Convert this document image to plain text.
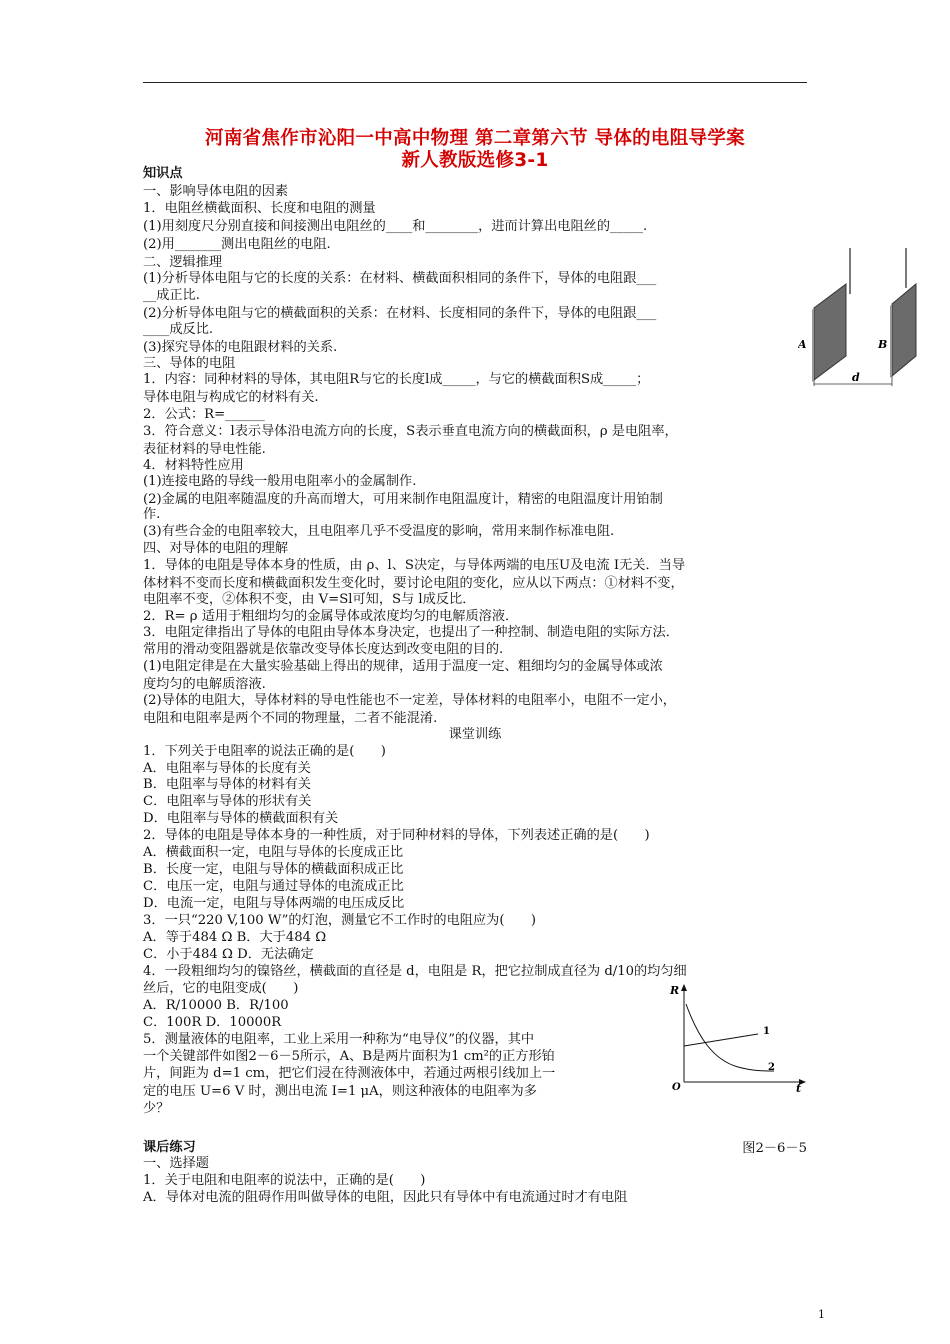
河南省焦作市沁阳一中高中物理 第二章第六节 导体的电阻导学案
新人教版选修3-1
知识点
一、影响导体电阻的因素
1．电阻丝横截面积、长度和电阻的测量
(1)用刻度尺分别直接和间接测出电阻丝的____和________，进而计算出电阻丝的_____.
(2)用_______测出电阻丝的电阻.
二、逻辑推理
(1)分析导体电阻与它的长度的关系：在材料、横截面积相同的条件下，导体的电阻跟___
__成正比.
(2)分析导体电阻与它的横截面积的关系：在材料、长度相同的条件下，导体的电阻跟___
____成反比.
(3)探究导体的电阻跟材料的关系.
三、导体的电阻
1．内容：同种材料的导体，其电阻R与它的长度l成_____，与它的横截面积S成_____；
导体电阻与构成它的材料有关.
2．公式：R=______
3．符合意义：l表示导体沿电流方向的长度，S表示垂直电流方向的横截面积，ρ 是电阻率，
表征材料的导电性能.
4．材料特性应用
(1)连接电路的导线一般用电阻率小的金属制作.
(2)金属的电阻率随温度的升高而增大，可用来制作电阻温度计，精密的电阻温度计用铂制
作.
(3)有些合金的电阻率较大，且电阻率几乎不受温度的影响，常用来制作标准电阻.
四、对导体的电阻的理解
1．导体的电阻是导体本身的性质，由 ρ、l、S决定，与导体两端的电压U及电流 I无关．当导
体材料不变而长度和横截面积发生变化时，要讨论电阻的变化，应从以下两点：①材料不变，
电阻率不变，②体积不变，由 V=Sl可知，S与 l成反比．
2．R= ρ 适用于粗细均匀的金属导体或浓度均匀的电解质溶液．
3．电阻定律指出了导体的电阻由导体本身决定，也提出了一种控制、制造电阻的实际方法．
常用的滑动变阻器就是依靠改变导体长度达到改变电阻的目的.
(1)电阻定律是在大量实验基础上得出的规律，适用于温度一定、粗细均匀的金属导体或浓
度均匀的电解质溶液.
(2)导体的电阻大，导体材料的导电性能也不一定差，导体材料的电阻率小，电阻不一定小，
电阻和电阻率是两个不同的物理量，二者不能混淆.
课堂训练
1．下列关于电阻率的说法正确的是(　　)
A．电阻率与导体的长度有关
B．电阻率与导体的材料有关
C．电阻率与导体的形状有关
D．电阻率与导体的横截面积有关
2．导体的电阻是导体本身的一种性质，对于同种材料的导体，下列表述正确的是(　　)
A．横截面积一定，电阻与导体的长度成正比
B．长度一定，电阻与导体的横截面积成正比
C．电压一定，电阻与通过导体的电流成正比
D．电流一定，电阻与导体两端的电压成反比
3．一只“220 V,100 W”的灯泡，测量它不工作时的电阻应为(　　)
A．等于484 Ω B．大于484 Ω
C．小于484 Ω D．无法确定
4．一段粗细均匀的镍铬丝，横截面的直径是 d，电阻是 R，把它拉制成直径为 d/10的均匀细
丝后，它的电阻变成(　　)
A．R/10000 B．R/100
C．100R D．10000R
5．测量液体的电阻率，工业上采用一种称为“电导仪”的仪器，其中
一个关键部件如图2－6－5所示，A、B是两片面积为1 cm²的正方形铂
片，间距为 d=1 cm，把它们浸在待测液体中，若通过两根引线加上一
定的电压 U=6 V 时，测出电流 I=1 μA，则这种液体的电阻率为多
少？
课后练习	图2－6－5
一、选择题
1．关于电阻和电阻率的说法中，正确的是(　　)
A．导体对电流的阻碍作用叫做导体的电阻，因此只有导体中有电流通过时才有电阻
A	B
d
R
t
O
1
2
1
